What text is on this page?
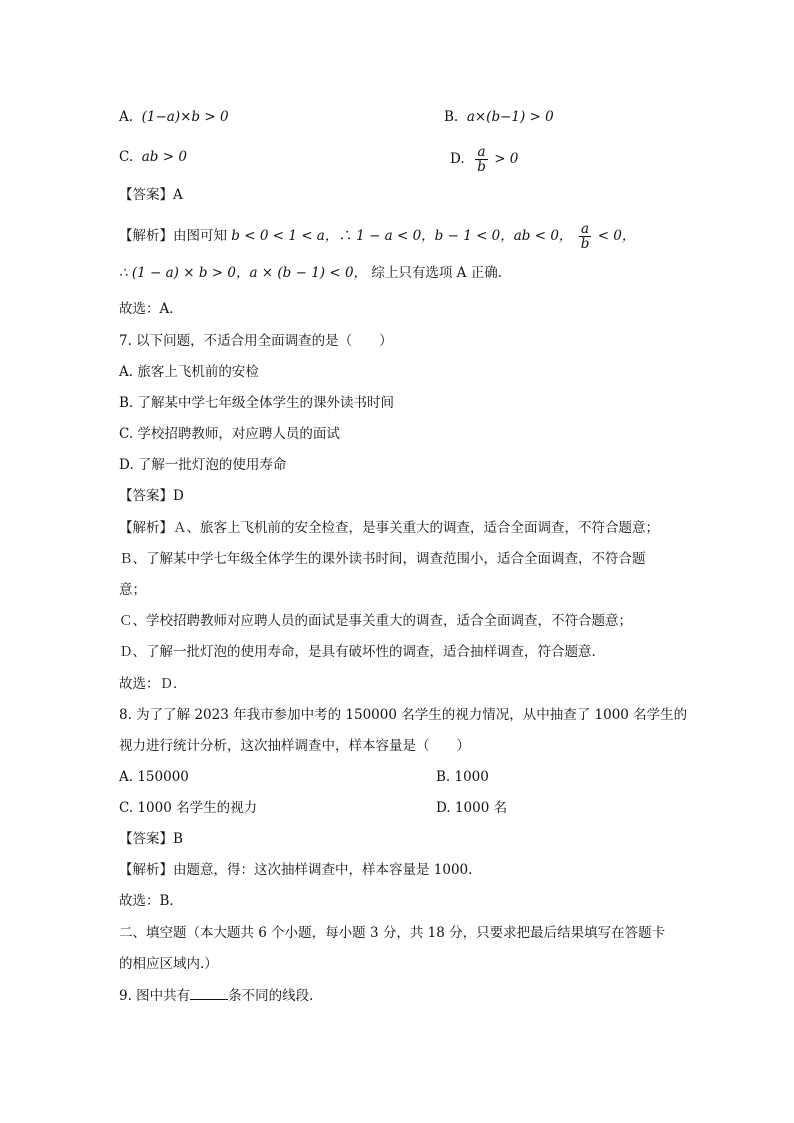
A. (1−a)×b > 0	B. a×(b−1) > 0
C. ab > 0	D. $\frac{a}{b} > 0$
【答案】A
【解析】由图可知 b < 0 < 1 < a，∴ 1 − a < 0，b − 1 < 0，ab < 0， $\frac{a}{b} < 0$，
∴ (1 − a) × b > 0，a × (b − 1) < 0， 综上只有选项 A 正确.
故选：A．
7. 以下问题，不适合用全面调查的是（　　）
A. 旅客上飞机前的安检
B. 了解某中学七年级全体学生的课外读书时间
C. 学校招聘教师，对应聘人员的面试
D. 了解一批灯泡的使用寿命
【答案】D
【解析】Ａ、旅客上飞机前的安全检查，是事关重大的调查，适合全面调查，不符合题意；
Ｂ、了解某中学七年级全体学生的课外读书时间，调查范围小，适合全面调查，不符合题
意；
Ｃ、学校招聘教师对应聘人员的面试是事关重大的调查，适合全面调查，不符合题意；
Ｄ、了解一批灯泡的使用寿命，是具有破坏性的调查，适合抽样调查，符合题意.
故选：Ｄ．
8. 为了了解 2023 年我市参加中考的 150000 名学生的视力情况，从中抽查了 1000 名学生的
视力进行统计分析，这次抽样调查中，样本容量是（　　）
A. 150000	B. 1000
C. 1000 名学生的视力	D. 1000 名
【答案】B
【解析】由题意，得：这次抽样调查中，样本容量是 1000.
故选：B．
二、填空题（本大题共 6 个小题，每小题 3 分，共 18 分，只要求把最后结果填写在答题卡
的相应区域内.）
9. 图中共有	条不同的线段.
